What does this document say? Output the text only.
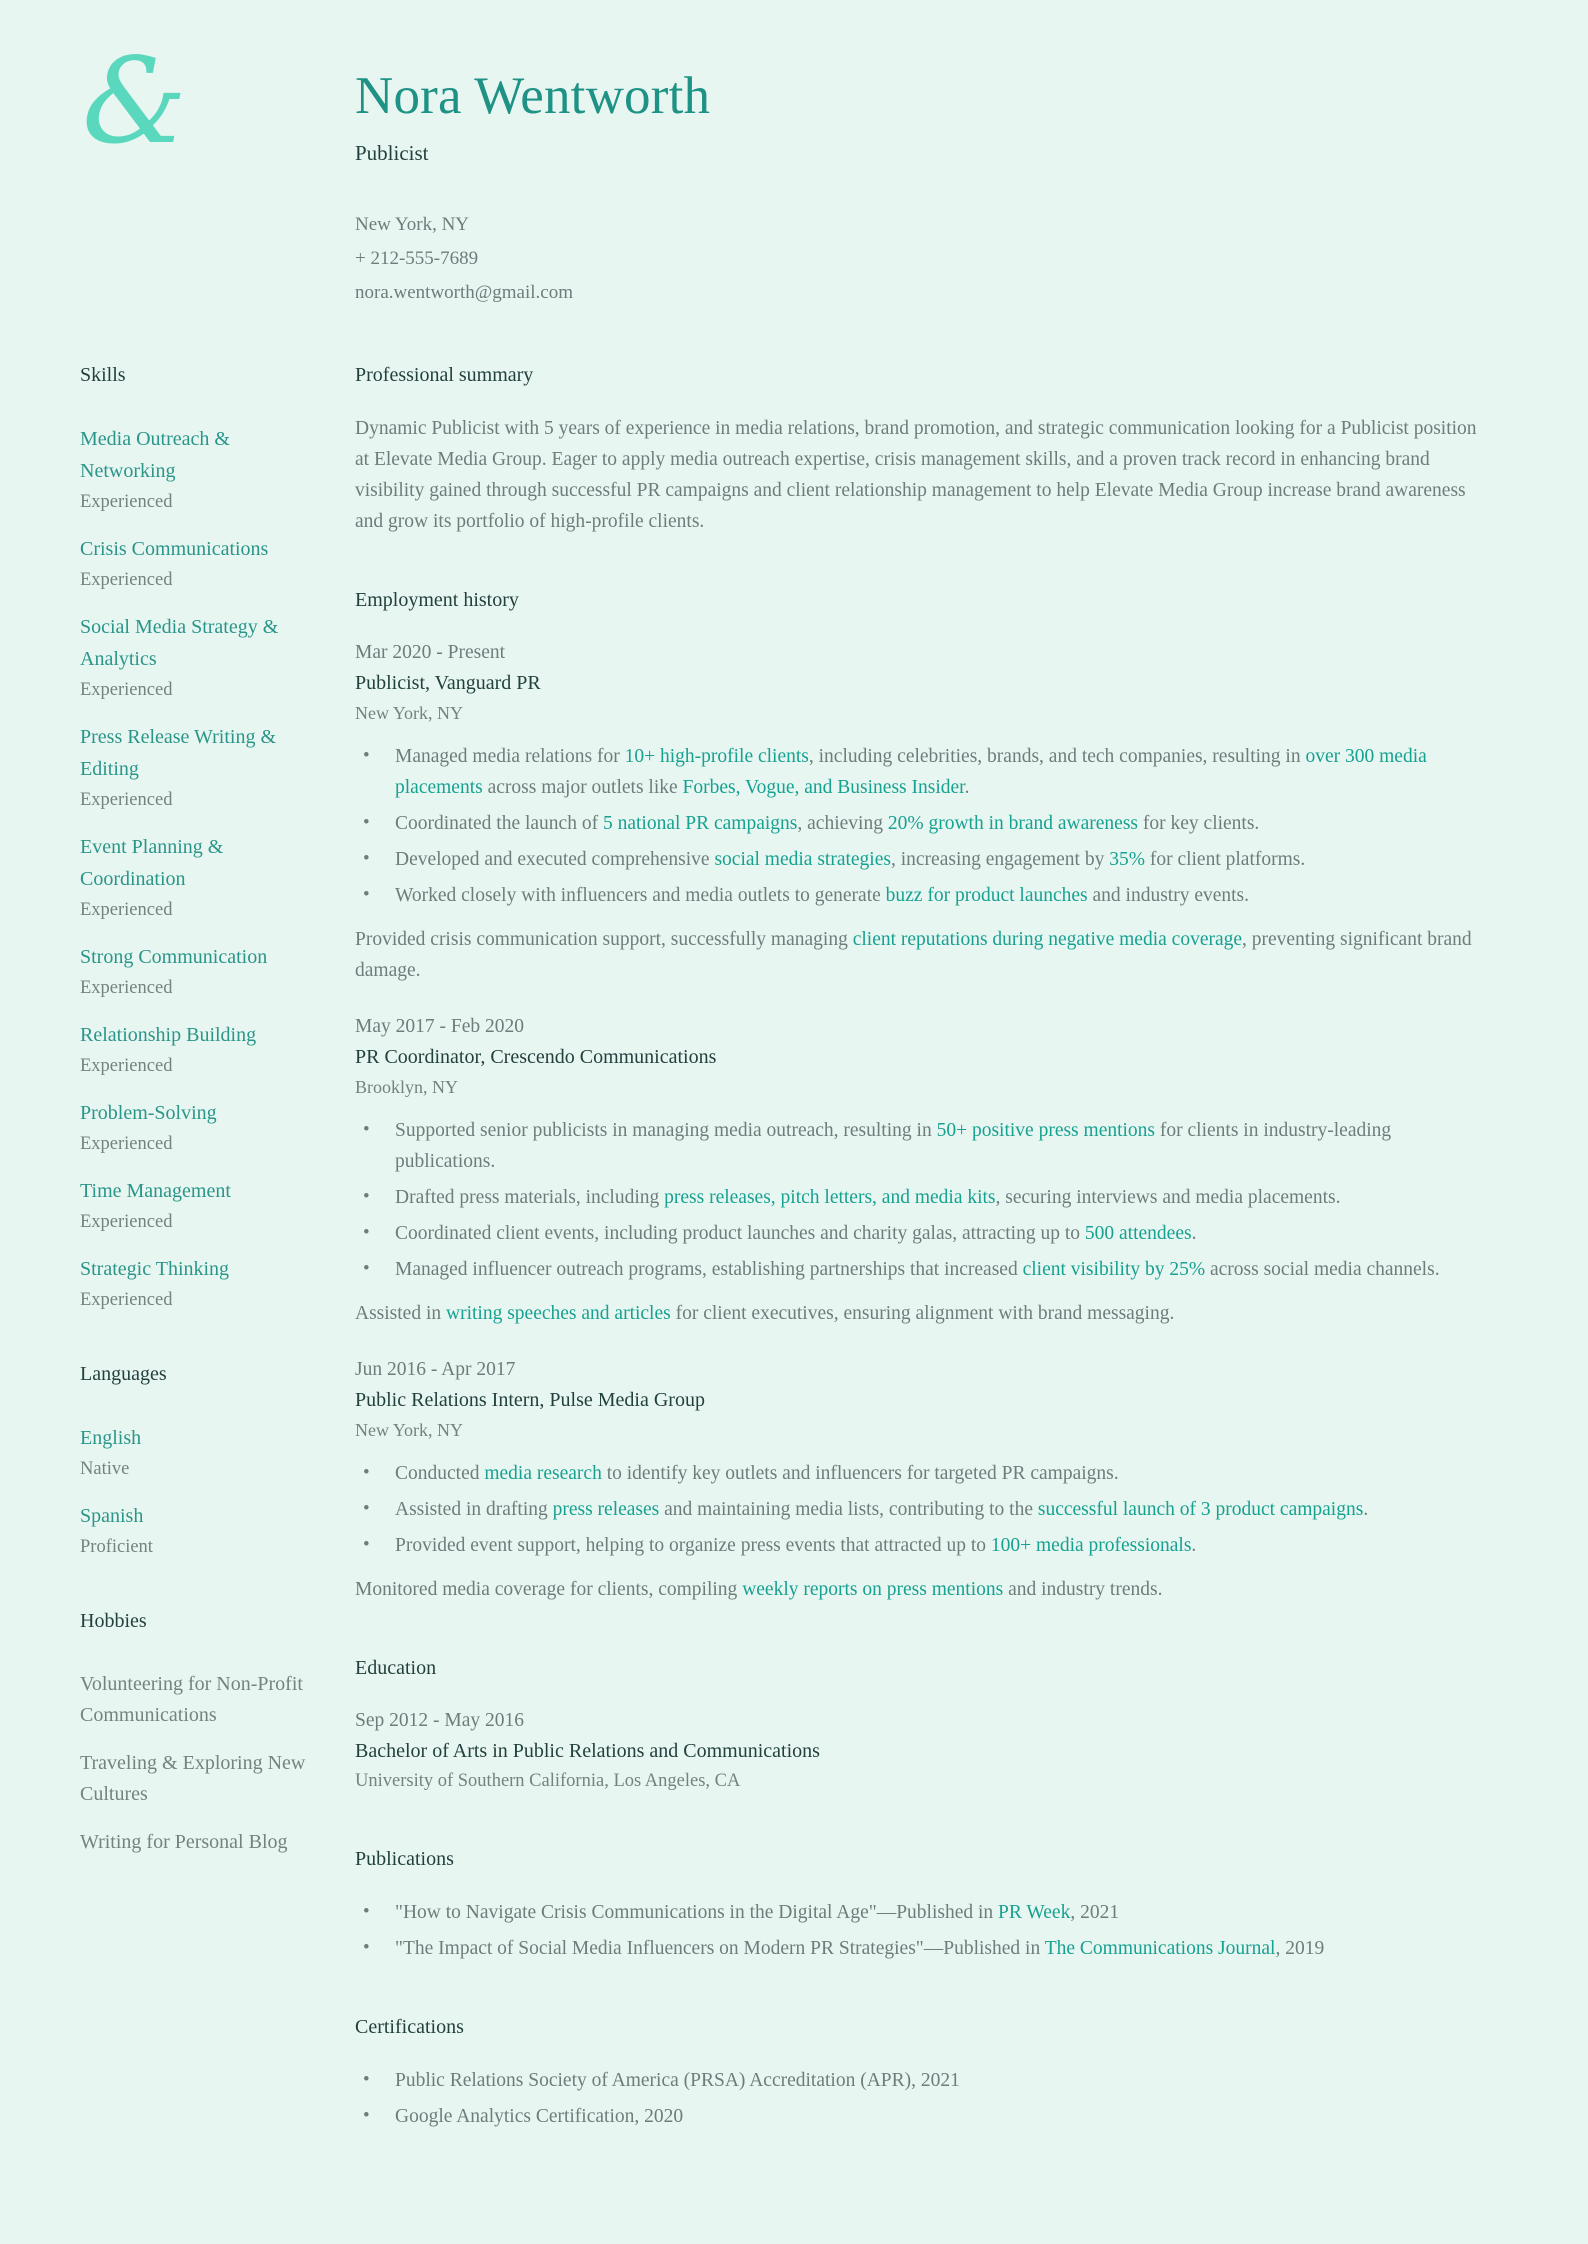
&	Nora Wentworth
Publicist
New York, NY
+ 212-555-7689
nora.wentworth@gmail.com
Skills
Media Outreach & Networking
Experienced
Crisis Communications
Experienced
Social Media Strategy & Analytics
Experienced
Press Release Writing & Editing
Experienced
Event Planning & Coordination
Experienced
Strong Communication
Experienced
Relationship Building
Experienced
Problem-Solving
Experienced
Time Management
Experienced
Strategic Thinking
Experienced
Languages
English
Native
Spanish
Proficient
Hobbies
Volunteering for Non-Profit Communications
Traveling & Exploring New Cultures
Writing for Personal Blog
Professional summary

Dynamic Publicist with 5 years of experience in media relations, brand promotion, and strategic communication looking for a Publicist position at Elevate Media Group. Eager to apply media outreach expertise, crisis management skills, and a proven track record in enhancing brand visibility gained through successful PR campaigns and client relationship management to help Elevate Media Group increase brand awareness and grow its portfolio of high-profile clients.

Employment history
Mar 2020 - Present
Publicist, Vanguard PR
New York, NY
• Managed media relations for 10+ high-profile clients, including celebrities, brands, and tech companies, resulting in over 300 media placements across major outlets like Forbes, Vogue, and Business Insider.
• Coordinated the launch of 5 national PR campaigns, achieving 20% growth in brand awareness for key clients.
• Developed and executed comprehensive social media strategies, increasing engagement by 35% for client platforms.
• Worked closely with influencers and media outlets to generate buzz for product launches and industry events.

Provided crisis communication support, successfully managing client reputations during negative media coverage, preventing significant brand damage.

May 2017 - Feb 2020
PR Coordinator, Crescendo Communications
Brooklyn, NY
• Supported senior publicists in managing media outreach, resulting in 50+ positive press mentions for clients in industry-leading publications.
• Drafted press materials, including press releases, pitch letters, and media kits, securing interviews and media placements.
• Coordinated client events, including product launches and charity galas, attracting up to 500 attendees.
• Managed influencer outreach programs, establishing partnerships that increased client visibility by 25% across social media channels.

Assisted in writing speeches and articles for client executives, ensuring alignment with brand messaging.

Jun 2016 - Apr 2017
Public Relations Intern, Pulse Media Group
New York, NY
• Conducted media research to identify key outlets and influencers for targeted PR campaigns.
• Assisted in drafting press releases and maintaining media lists, contributing to the successful launch of 3 product campaigns.
• Provided event support, helping to organize press events that attracted up to 100+ media professionals.

Monitored media coverage for clients, compiling weekly reports on press mentions and industry trends.

Education
Sep 2012 - May 2016
Bachelor of Arts in Public Relations and Communications
University of Southern California, Los Angeles, CA
Publications
• "How to Navigate Crisis Communications in the Digital Age"—Published in PR Week, 2021
• "The Impact of Social Media Influencers on Modern PR Strategies"—Published in The Communications Journal, 2019
Certifications
• Public Relations Society of America (PRSA) Accreditation (APR), 2021
• Google Analytics Certification, 2020
